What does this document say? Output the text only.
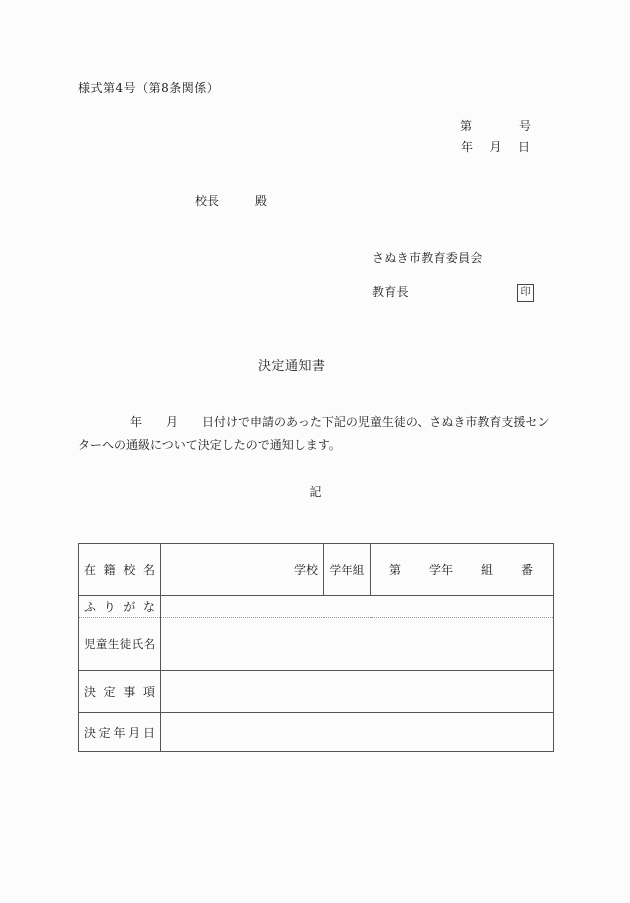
様式第4号（第8条関係）
第	号
年 月 日
校長	殿
さぬき市教育委員会
教育長	印
決定通知書
年　　月　　日付けで申請のあった下記の児童生徒の、さぬき市教育支援セン
ターへの通級について決定したので通知します。
記
在籍校名	学校	学年組	第 学年 組 番

ふりがな			
児童生徒氏名			
決定事項			
決定年月日			
